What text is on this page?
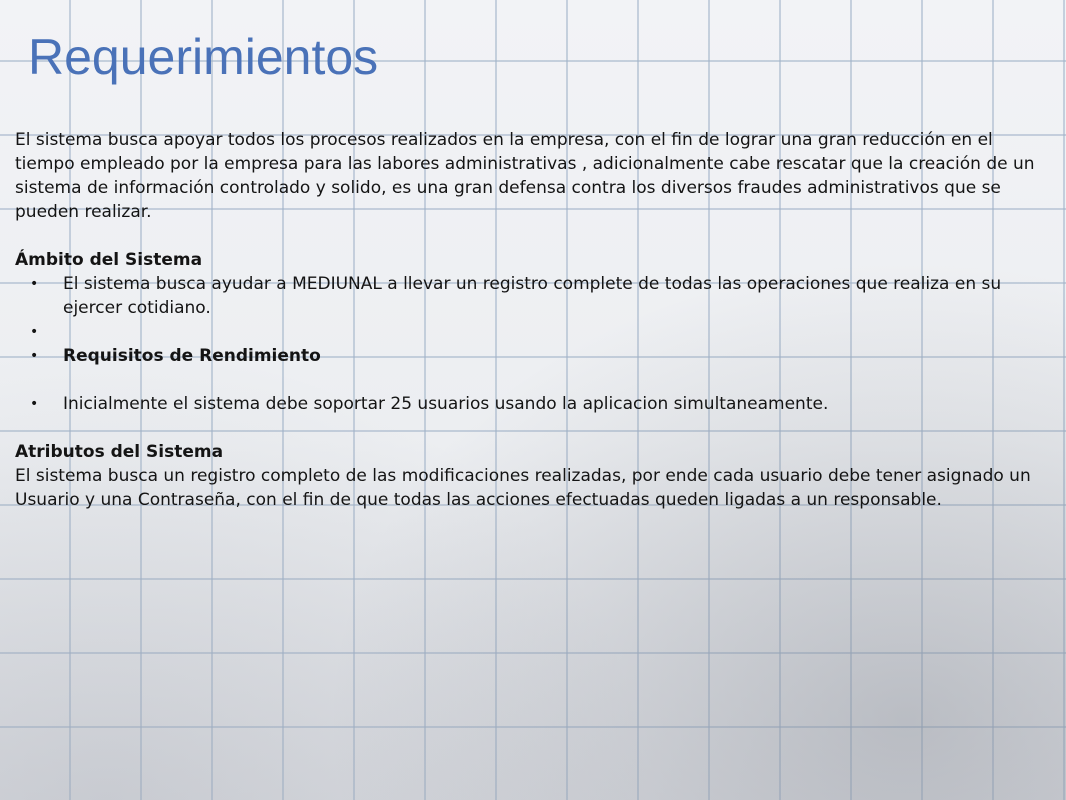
Requerimientos

El sistema busca apoyar todos los procesos realizados en la empresa, con el fin de lograr una gran reducción en el tiempo empleado por la empresa para las labores administrativas , adicionalmente cabe rescatar que la creación de un sistema de información controlado y solido, es una gran defensa contra los diversos fraudes administrativos que se pueden realizar.

Ámbito del Sistema

• El sistema busca ayudar a MEDIUNAL a llevar un registro complete de todas las operaciones que realiza en su ejercer cotidiano.
•
• Requisitos de Rendimiento
• Inicialmente el sistema debe soportar 25 usuarios usando la aplicacion simultaneamente.

Atributos del Sistema

El sistema busca un registro completo de las modificaciones realizadas, por ende cada usuario debe tener asignado un Usuario y una Contraseña, con el fin de que todas las acciones efectuadas queden ligadas a un responsable.
